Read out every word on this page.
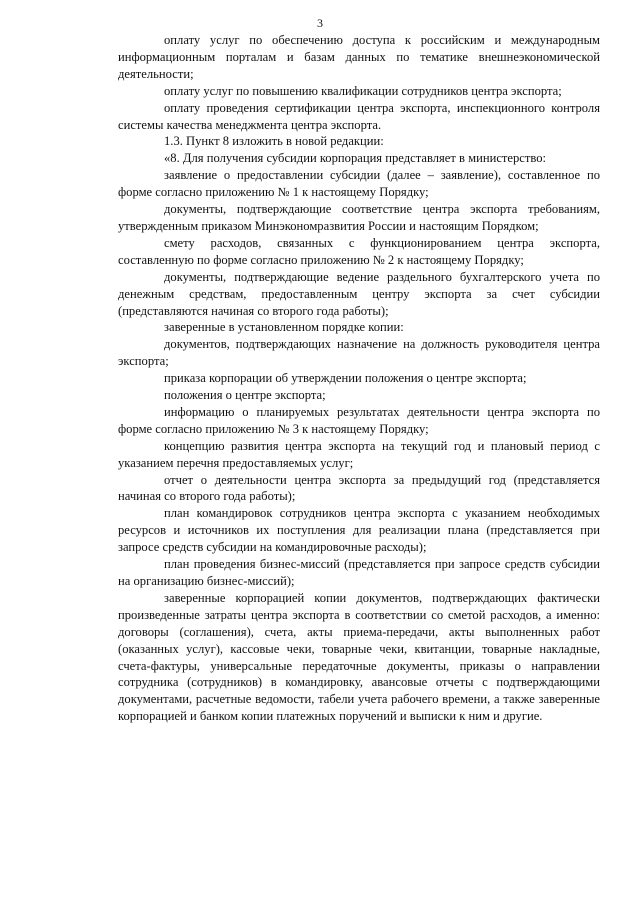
3

оплату услуг по обеспечению доступа к российским и международным информационным порталам и базам данных по тематике внешнеэкономической деятельности;

оплату услуг по повышению квалификации сотрудников центра экспорта;

оплату проведения сертификации центра экспорта, инспекционного контроля системы качества менеджмента центра экспорта.

1.3. Пункт 8 изложить в новой редакции:

«8. Для получения субсидии корпорация представляет в министерство:

заявление о предоставлении субсидии (далее – заявление), составленное по форме согласно приложению № 1 к настоящему Порядку;

документы, подтверждающие соответствие центра экспорта требованиям, утвержденным приказом Минэкономразвития России и настоящим Порядком;

смету расходов, связанных с функционированием центра экспорта, составленную по форме согласно приложению № 2 к настоящему Порядку;

документы, подтверждающие ведение раздельного бухгалтерского учета по денежным средствам, предоставленным центру экспорта за счет субсидии (представляются начиная со второго года работы);

заверенные в установленном порядке копии:

документов, подтверждающих назначение на должность руководителя центра экспорта;

приказа корпорации об утверждении положения о центре экспорта;

положения о центре экспорта;

информацию о планируемых результатах деятельности центра экспорта по форме согласно приложению № 3 к настоящему Порядку;

концепцию развития центра экспорта на текущий год и плановый период с указанием перечня предоставляемых услуг;

отчет о деятельности центра экспорта за предыдущий год (представляется начиная со второго года работы);

план командировок сотрудников центра экспорта с указанием необходимых ресурсов и источников их поступления для реализации плана (представляется при запросе средств субсидии на командировочные расходы);

план проведения бизнес-миссий (представляется при запросе средств субсидии на организацию бизнес-миссий);

заверенные корпорацией копии документов, подтверждающих фактически произведенные затраты центра экспорта в соответствии со сметой расходов, а именно: договоры (соглашения), счета, акты приема-передачи, акты выполненных работ (оказанных услуг), кассовые чеки, товарные чеки, квитанции, товарные накладные, счета-фактуры, универсальные передаточные документы, приказы о направлении сотрудника (сотрудников) в командировку, авансовые отчеты с подтверждающими документами, расчетные ведомости, табели учета рабочего времени, а также заверенные корпорацией и банком копии платежных поручений и выписки к ним и другие.
